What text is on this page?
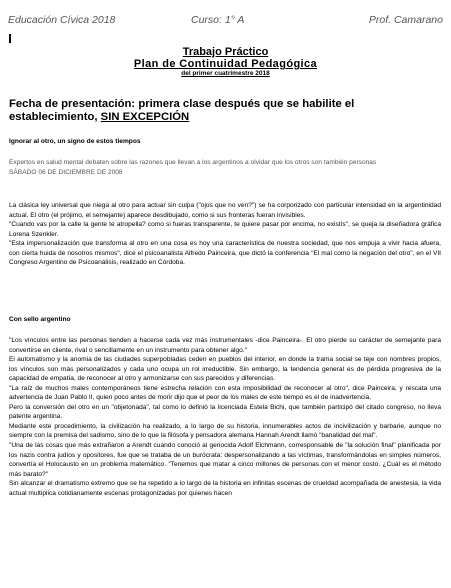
Educación Cívica 2018	Curso: 1° A	Prof. Camarano
Trabajo Práctico
Plan de Continuidad Pedagógica
del primer cuatrimestre 2018
Fecha de presentación: primera clase después que se habilite el establecimiento, SIN EXCEPCIÓN
Ignorar al otro, un signo de estos tiempos
Expertos en salud mental debaten sobre las razones que llevan a los argentinos a olvidar que los otros son también personas
SÁBADO 06 DE DICIEMBRE DE 2008

La clásica ley universal que niega al otro para actuar sin culpa ("ojos que no ven?") se ha corporizado con particular intensidad en la argentinidad actual. El otro (el prójimo, el semejante) aparece desdibujado, como si sus fronteras fueran invisibles.

"Cuando vas por la calle la gente te atropella? como si fueras transparente, te quiere pasar por encima, no existís", se queja la diseñadora gráfica Lorena Szenkler.

"Esta impersonalización que transforma al otro en una cosa es hoy una característica de nuestra sociedad, que nos empuja a vivir hacia afuera, con cierta huida de nosotros mismos", dice el psicoanalista Alfredo Painceira, que dictó la conferencia "El mal como la negación del otro", en el VII Congreso Argentino de Psicoanálisis, realizado en Córdoba.

Con sello argentino

"Los vínculos entre las personas tienden a hacerse cada vez más instrumentales -dice Painceira-. El otro pierde su carácter de semejante para convertirse en cliente, rival o sencillamente en un instrumento para obtener algo."

El automatismo y la anomia de las ciudades superpobladas ceden en pueblos del interior, en donde la trama social se teje con nombres propios, los vínculos son más personalizados y cada uno ocupa un rol irreductible. Sin embargo, la tendencia general es de pérdida progresiva de la capacidad de empatía, de reconocer al otro y armonizarse con sus parecidos y diferencias.

"La raíz de muchos males contemporáneos tiene estrecha relación con esta imposibilidad de reconocer al otro", dice Painceira, y rescata una advertencia de Juan Pablo II, quien poco antes de morir dijo que el peor de los males de este tiempo es el de inadvertencia.

Pero la conversión del otro en un "objetonada", tal como lo definió la licenciada Estela Bichi, que también participó del citado congreso, no lleva patente argentina.

Mediante este procedimiento, la civilización ha realizado, a lo largo de su historia, innumerables actos de incivilización y barbarie, aunque no siempre con la premisa del sadismo, sino de lo que la filósofa y pensadora alemana Hannah Arendt llamó "banalidad del mal".

"Una de las cosas que más extrañaron a Arendt cuando conoció al genocida Adolf Eichmann, corresponsable de "la solución final" planificada por los nazis contra judíos y opositores, fue que se trataba de un burócrata: despersonalizando a las víctimas, transformándolas en simples números, convertía el Holocausto en un problema matemático. "Tenemos que matar a cinco millones de personas con el menor costo. ¿Cuál es el método más barato?"

Sin alcanzar el dramatismo extremo que se ha repetido a lo largo de la historia en infinitas escenas de crueldad acompañada de anestesia, la vida actual multiplica cotidianamente escenas protagonizadas por quienes hacen
